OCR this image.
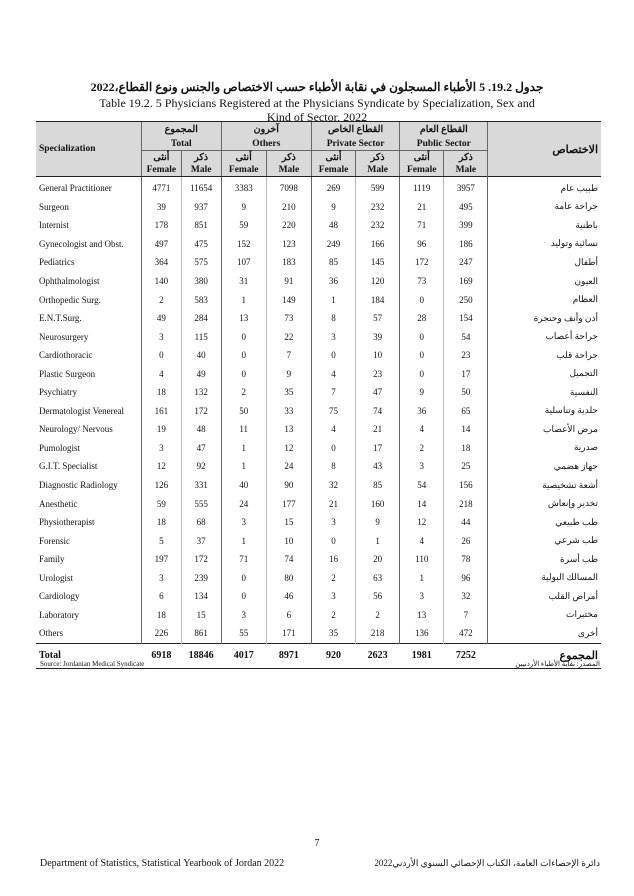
جدول 19.2. 5 الأطباء المسجلون في نقابة الأطباء حسب الاختصاص والجنس ونوع القطاع،2022
Table 19.2. 5 Physicians Registered at the Physicians Syndicate by Specialization, Sex and
Kind of Sector, 2022
Specialization	المجموع		آخرون		القطاع الخاص		القطاع العام		الاختصاص
	Total		Others		Private Sector		Public Sector		
	أنثى	ذكر	أنثى	ذكر	أنثى	ذكر	أنثى	ذكر	
	Female	Male	Female	Male	Female	Male	Female	Male	
General Practitioner	4771	11654	3383	7098	269	599	1119	3957	طبيب عام
Surgeon	39	937	9	210	9	232	21	495	جراحة عامة
Internist	178	851	59	220	48	232	71	399	باطنية
Gynecologist and Obst.	497	475	152	123	249	166	96	186	نسائية وتوليد
Pediatrics	364	575	107	183	85	145	172	247	أطفال
Ophthalmologist	140	380	31	91	36	120	73	169	العيون
Orthopedic Surg.	2	583	1	149	1	184	0	250	العظام
E.N.T.Surg.	49	284	13	73	8	57	28	154	أذن وأنف وحنجرة
Neurosurgery	3	115	0	22	3	39	0	54	جراحة أعصاب
Cardiothoracic	0	40	0	7	0	10	0	23	جراحة قلب
Plastic Surgeon	4	49	0	9	4	23	0	17	التجميل
Psychiatry	18	132	2	35	7	47	9	50	النفسية
Dermatologist Venereal	161	172	50	33	75	74	36	65	جلدية وتناسلية
Neurology/ Nervous	19	48	11	13	4	21	4	14	مرض الأعصاب
Pumologist	3	47	1	12	0	17	2	18	صدرية
G.I.T. Specialist	12	92	1	24	8	43	3	25	جهاز هضمي
Diagnostic Radiology	126	331	40	90	32	85	54	156	أشعة تشخيصية
Anesthetic	59	555	24	177	21	160	14	218	تخدير وإنعاش
Physiotherapist	18	68	3	15	3	9	12	44	طب طبيعي
Forensic	5	37	1	10	0	1	4	26	طب شرعي
Family	197	172	71	74	16	20	110	78	طب أسرة
Urologist	3	239	0	80	2	63	1	96	المسالك البولية
Cardiology	6	134	0	46	3	56	3	32	أمراض القلب
Laboratory	18	15	3	6	2	2	13	7	مختبرات
Others	226	861	55	171	35	218	136	472	أخرى
Total	6918	18846	4017	8971	920	2623	1981	7252	المجموع
Source: Jordanian Medical Syndicate	المصدر: نقابة الأطباء الأردنيين
7
Department of Statistics, Statistical Yearbook of Jordan 2022	دائرة الإحصاءات العامة، الكتاب الإحصائي السنوي الأردني2022
